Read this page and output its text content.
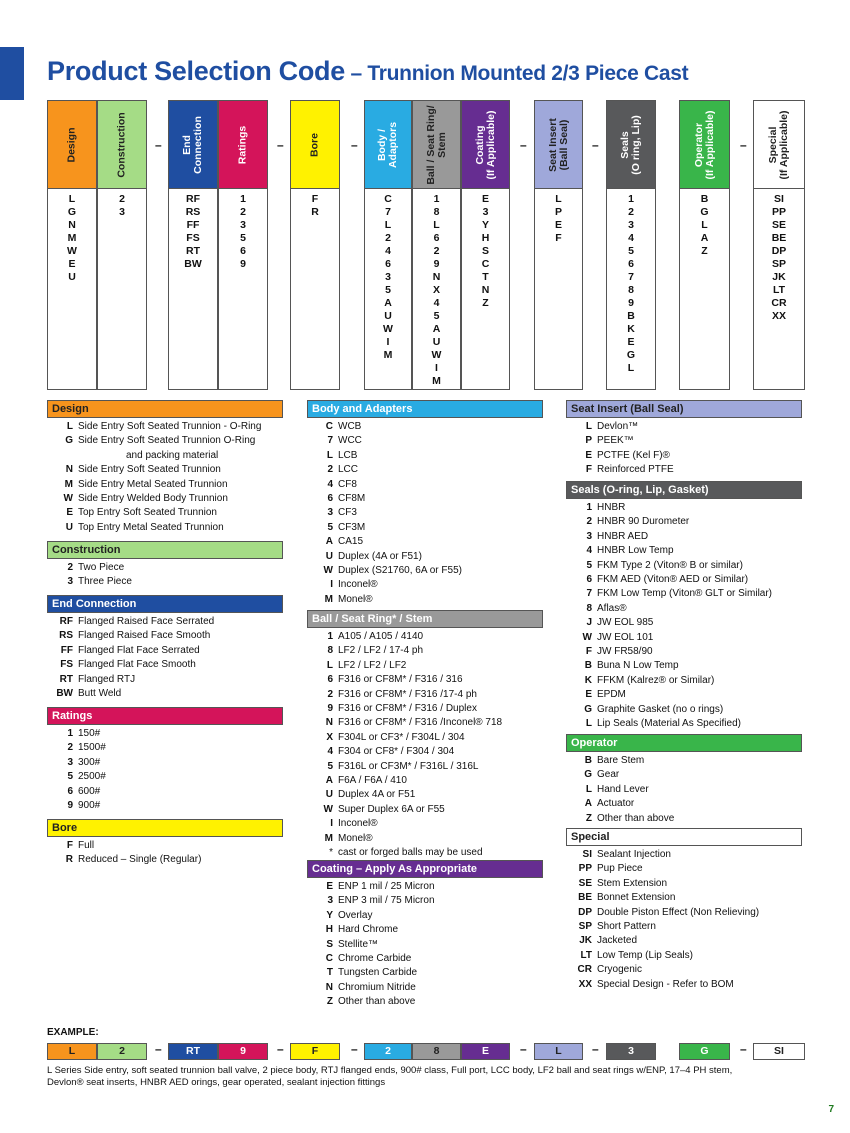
Product Selection Code – Trunnion Mounted 2/3 Piece Cast
Design
L
G
N
M
W
E
U
Construction
2
3
End
Connection
RF
RS
FF
FS
RT
BW
Ratings
1
2
3
5
6
9
Bore
F
R
Body /
Adaptors
C
7
L
2
4
6
3
5
A
U
W
I
M
Ball / Seat Ring/
Stem
1
8
L
6
2
9
N
X
4
5
A
U
W
I
M
Coating
(If Applicable)
E
3
Y
H
S
C
T
N
Z
Seat Insert
(Ball Seal)
L
P
E
F
Seals
(O ring, Lip)
1
2
3
4
5
6
7
8
9
B
K
E
G
L
Operator
(If Applicable)
B
G
L
A
Z
Special
(If Applicable)
SI
PP
SE
BE
DP
SP
JK
LT
CR
XX
–	–	–	–	–	–
Design
L Side Entry Soft Seated Trunnion - O-Ring
G Side Entry Soft Seated Trunnion O-Ring
and packing material
N Side Entry Soft Seated Trunnion
M Side Entry Metal Seated Trunnion
W Side Entry Welded Body Trunnion
E Top Entry Soft Seated Trunnion
U Top Entry Metal Seated Trunnion
Construction
2 Two Piece
3 Three Piece
End Connection
RF Flanged Raised Face Serrated
RS Flanged Raised Face Smooth
FF Flanged Flat Face Serrated
FS Flanged Flat Face Smooth
RT Flanged RTJ
BW Butt Weld
Ratings
1 150#
2 1500#
3 300#
5 2500#
6 600#
9 900#
Bore
F Full
R Reduced – Single (Regular)
Body and Adapters
C WCB
7 WCC
L LCB
2 LCC
4 CF8
6 CF8M
3 CF3
5 CF3M
A CA15
U Duplex (4A or F51)
W Duplex (S21760, 6A or F55)
I Inconel®
M Monel®
Ball / Seat Ring* / Stem
1 A105 / A105 / 4140
8 LF2 / LF2 / 17-4 ph
L LF2 / LF2 / LF2
6 F316 or CF8M* / F316 / 316
2 F316 or CF8M* / F316 /17-4 ph
9 F316 or CF8M* / F316 / Duplex
N F316 or CF8M* / F316 /Inconel® 718
X F304L or CF3* / F304L / 304
4 F304 or CF8* / F304 / 304
5 F316L or CF3M* / F316L / 316L
A F6A / F6A / 410
U Duplex 4A or F51
W Super Duplex 6A or F55
I Inconel®
M Monel®
* cast or forged balls may be used
Coating – Apply As Appropriate
E ENP 1 mil / 25 Micron
3 ENP 3 mil / 75 Micron
Y Overlay
H Hard Chrome
S Stellite™
C Chrome Carbide
T Tungsten Carbide
N Chromium Nitride
Z Other than above
Seat Insert (Ball Seal)
L Devlon™
P PEEK™
E PCTFE (Kel F)®
F Reinforced PTFE
Seals (O-ring, Lip, Gasket)
1 HNBR
2 HNBR 90 Durometer
3 HNBR AED
4 HNBR Low Temp
5 FKM Type 2 (Viton® B or similar)
6 FKM AED (Viton® AED or Similar)
7 FKM Low Temp (Viton® GLT or Similar)
8 Aflas®
J JW EOL 985
W JW EOL 101
F JW FR58/90
B Buna N Low Temp
K FFKM (Kalrez® or Similar)
E EPDM
G Graphite Gasket (no o rings)
L Lip Seals (Material As Specified)
Operator
B Bare Stem
G Gear
L Hand Lever
A Actuator
Z Other than above
Special
SI Sealant Injection
PP Pup Piece
SE Stem Extension
BE Bonnet Extension
DP Double Piston Effect (Non Relieving)
SP Short Pattern
JK Jacketed
LT Low Temp (Lip Seals)
CR Cryogenic
XX Special Design - Refer to BOM
EXAMPLE:
L	2	RT	9	F	2	8	E	L	3	G	SI
–	–	–	–	–	–
L Series Side entry, soft seated trunnion ball valve, 2 piece body, RTJ flanged ends, 900# class, Full port, LCC body, LF2 ball and seat rings w/ENP, 17–4 PH stem, Devlon® seat inserts, HNBR AED orings, gear operated, sealant injection fittings
7
